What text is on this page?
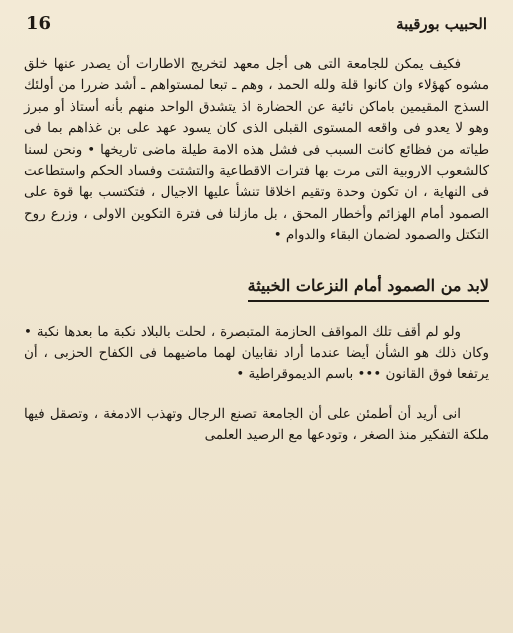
16	الحبيب بورقيبة

فكيف يمكن للجامعة التى هى أجل معهد لتخريج الاطارات أن يصدر عنها خلق مشوه كهؤلاء وان كانوا قلة ولله الحمد ، وهم ـ تبعا لمستواهم ـ أشد ضررا من أولئك السذج المقيمين باماكن نائية عن الحضارة اذ يتشدق الواحد منهم بأنه أستاذ أو مبرز وهو لا يعدو فى واقعه المستوى القبلى الذى كان يسود عهد على بن غذاهم بما فى طياته من فظائع كانت السبب فى فشل هذه الامة طيلة ماضى تاريخها • ونحن لسنا كالشعوب الاروبية التى مرت بها فترات الاقطاعية والتشتت وفساد الحكم واستطاعت فى النهاية ، ان تكون وحدة وتقيم اخلاقا تنشأ عليها الاجيال ، فتكتسب بها قوة على الصمود أمام الهزائم وأخطار المحق ، بل مازلنا فى فترة التكوين الاولى ، وزرع روح التكتل والصمود لضمان البقاء والدوام •

لابد من الصمود أمام النزعات الخبيثة

ولو لم أقف تلك المواقف الحازمة المتبصرة ، لحلت بالبلاد نكبة ما بعدها نكبة • وكان ذلك هو الشأن أيضا عندما أراد نقابيان لهما ماضيهما فى الكفاح الحزبى ، أن يرتفعا فوق القانون ••• باسم الديموقراطية •

انى أريد أن أطمئن على أن الجامعة تصنع الرجال وتهذب الادمغة ، وتصقل فيها ملكة التفكير منذ الصغر ، وتودعها مع الرصيد العلمى
